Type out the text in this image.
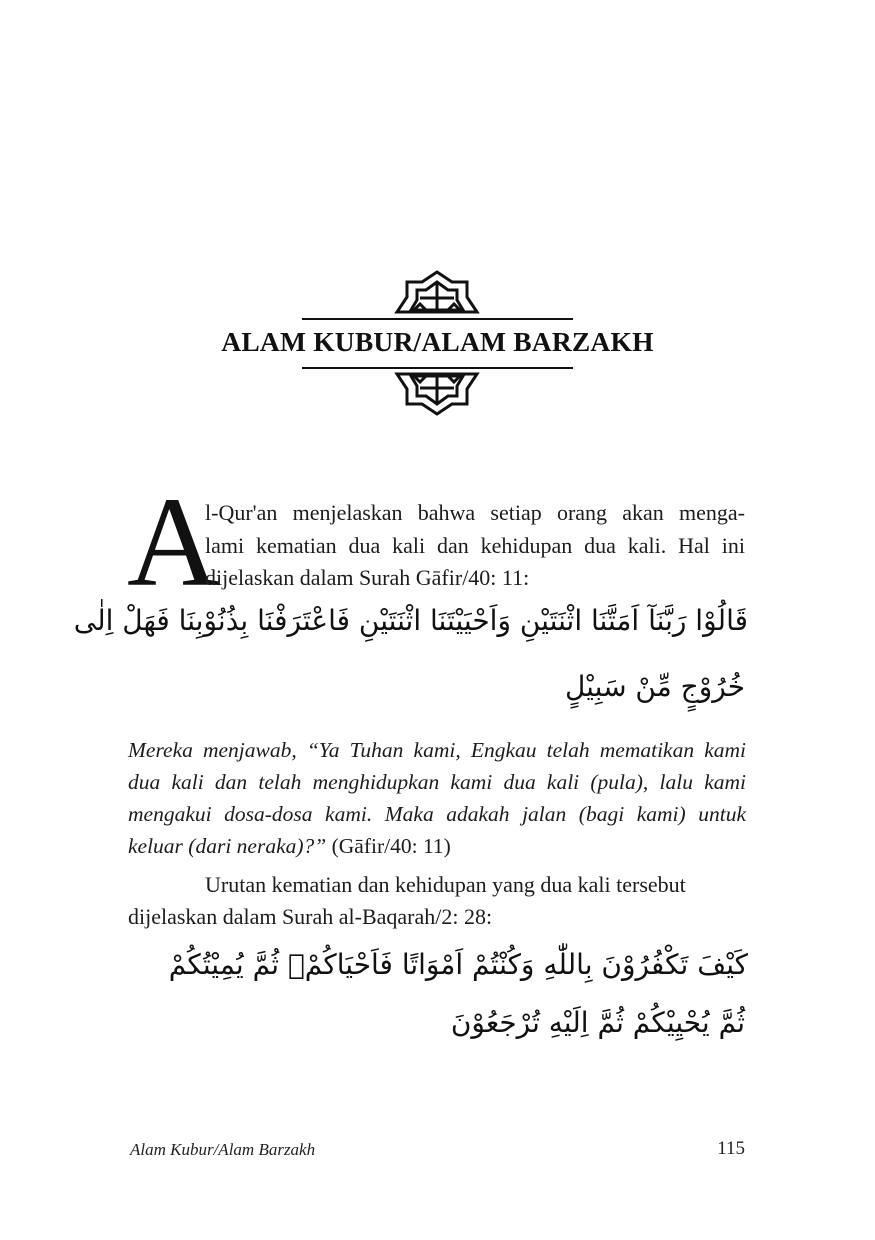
ALAM KUBUR/ALAM BARZAKH
A
l-Qur'an menjelaskan bahwa setiap orang akan menga-
lami kematian dua kali dan kehidupan dua kali. Hal ini
dijelaskan dalam Surah Gāfir/40: 11:
قَالُوْا رَبَّنَآ اَمَتَّنَا اثْنَتَيْنِ وَاَحْيَيْتَنَا اثْنَتَيْنِ فَاعْتَرَفْنَا بِذُنُوْبِنَا فَهَلْ اِلٰى
خُرُوْجٍ مِّنْ سَبِيْلٍ
Mereka menjawab, “Ya Tuhan kami, Engkau telah mematikan kami
dua kali dan telah menghidupkan kami dua kali (pula), lalu kami
mengakui dosa-dosa kami. Maka adakah jalan (bagi kami) untuk
keluar (dari neraka)?” (Gāfir/40: 11)
Urutan kematian dan kehidupan yang dua kali tersebut
dijelaskan dalam Surah al-Baqarah/2: 28:
كَيْفَ تَكْفُرُوْنَ بِاللّٰهِ وَكُنْتُمْ اَمْوَاتًا فَاَحْيَاكُمْۚ ثُمَّ يُمِيْتُكُمْ
ثُمَّ يُحْيِيْكُمْ ثُمَّ اِلَيْهِ تُرْجَعُوْنَ
Alam Kubur/Alam Barzakh	115
